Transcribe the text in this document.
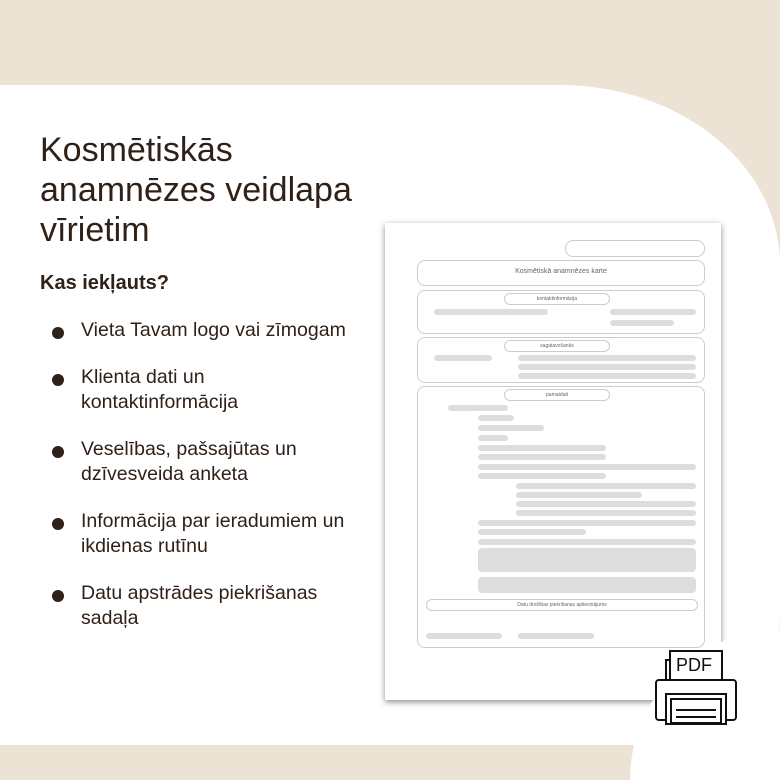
Kosmētiskās anamnēzes veidlapa vīrietim
Kas iekļauts?
Vieta Tavam logo vai zīmogam
Klienta dati un kontaktinformācija
Veselības, pašsajūtas un dzīvesveida anketa
Informācija par ieradumiem un ikdienas rutīnu
Datu apstrādes piekrišanas sadaļa
Kosmētiskā anamnēzes karte
kontaktinformācija
sagatavošanās
pamatdati
Datu drošības piekrišanas apliecinājums
PDF
